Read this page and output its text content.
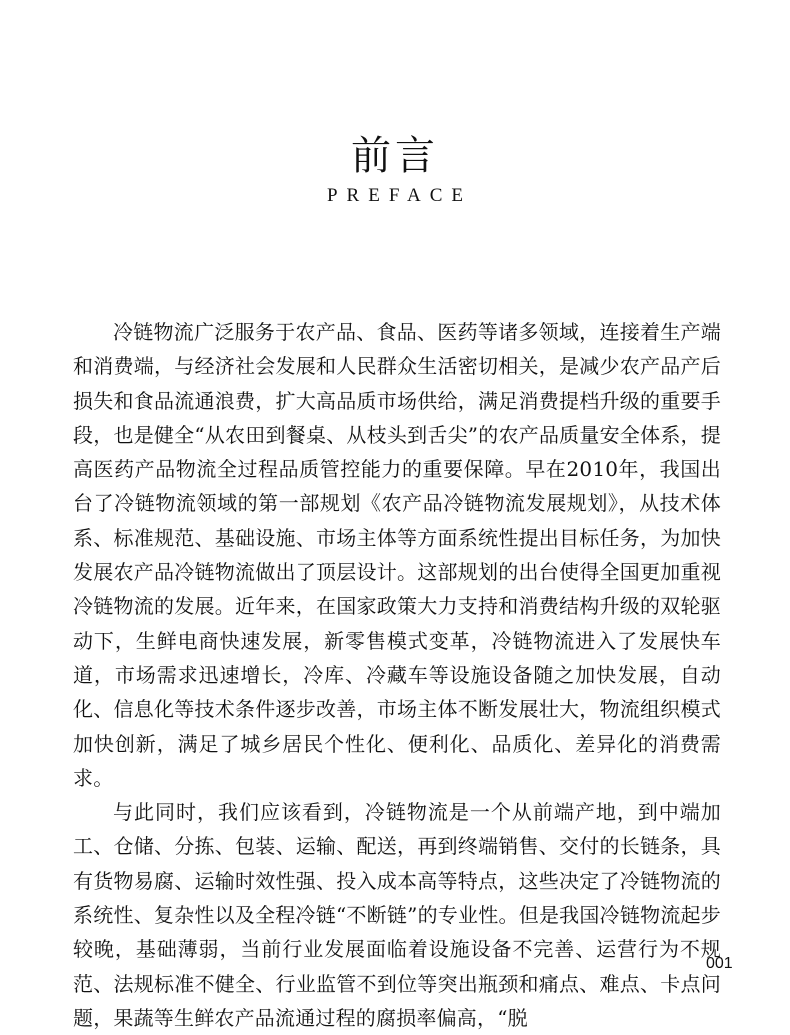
前言
PREFACE

冷链物流广泛服务于农产品、食品、医药等诸多领域，连接着生产端和消费端，与经济社会发展和人民群众生活密切相关，是减少农产品产后损失和食品流通浪费，扩大高品质市场供给，满足消费提档升级的重要手段，也是健全“从农田到餐桌、从枝头到舌尖”的农产品质量安全体系，提高医药产品物流全过程品质管控能力的重要保障。早在2010年，我国出台了冷链物流领域的第一部规划《农产品冷链物流发展规划》，从技术体系、标准规范、基础设施、市场主体等方面系统性提出目标任务，为加快发展农产品冷链物流做出了顶层设计。这部规划的出台使得全国更加重视冷链物流的发展。近年来，在国家政策大力支持和消费结构升级的双轮驱动下，生鲜电商快速发展，新零售模式变革，冷链物流进入了发展快车道，市场需求迅速增长，冷库、冷藏车等设施设备随之加快发展，自动化、信息化等技术条件逐步改善，市场主体不断发展壮大，物流组织模式加快创新，满足了城乡居民个性化、便利化、品质化、差异化的消费需求。

与此同时，我们应该看到，冷链物流是一个从前端产地，到中端加工、仓储、分拣、包装、运输、配送，再到终端销售、交付的长链条，具有货物易腐、运输时效性强、投入成本高等特点，这些决定了冷链物流的系统性、复杂性以及全程冷链“不断链”的专业性。但是我国冷链物流起步较晚，基础薄弱，当前行业发展面临着设施设备不完善、运营行为不规范、法规标准不健全、行业监管不到位等突出瓶颈和痛点、难点、卡点问题，果蔬等生鲜农产品流通过程的腐损率偏高，“脱

001
